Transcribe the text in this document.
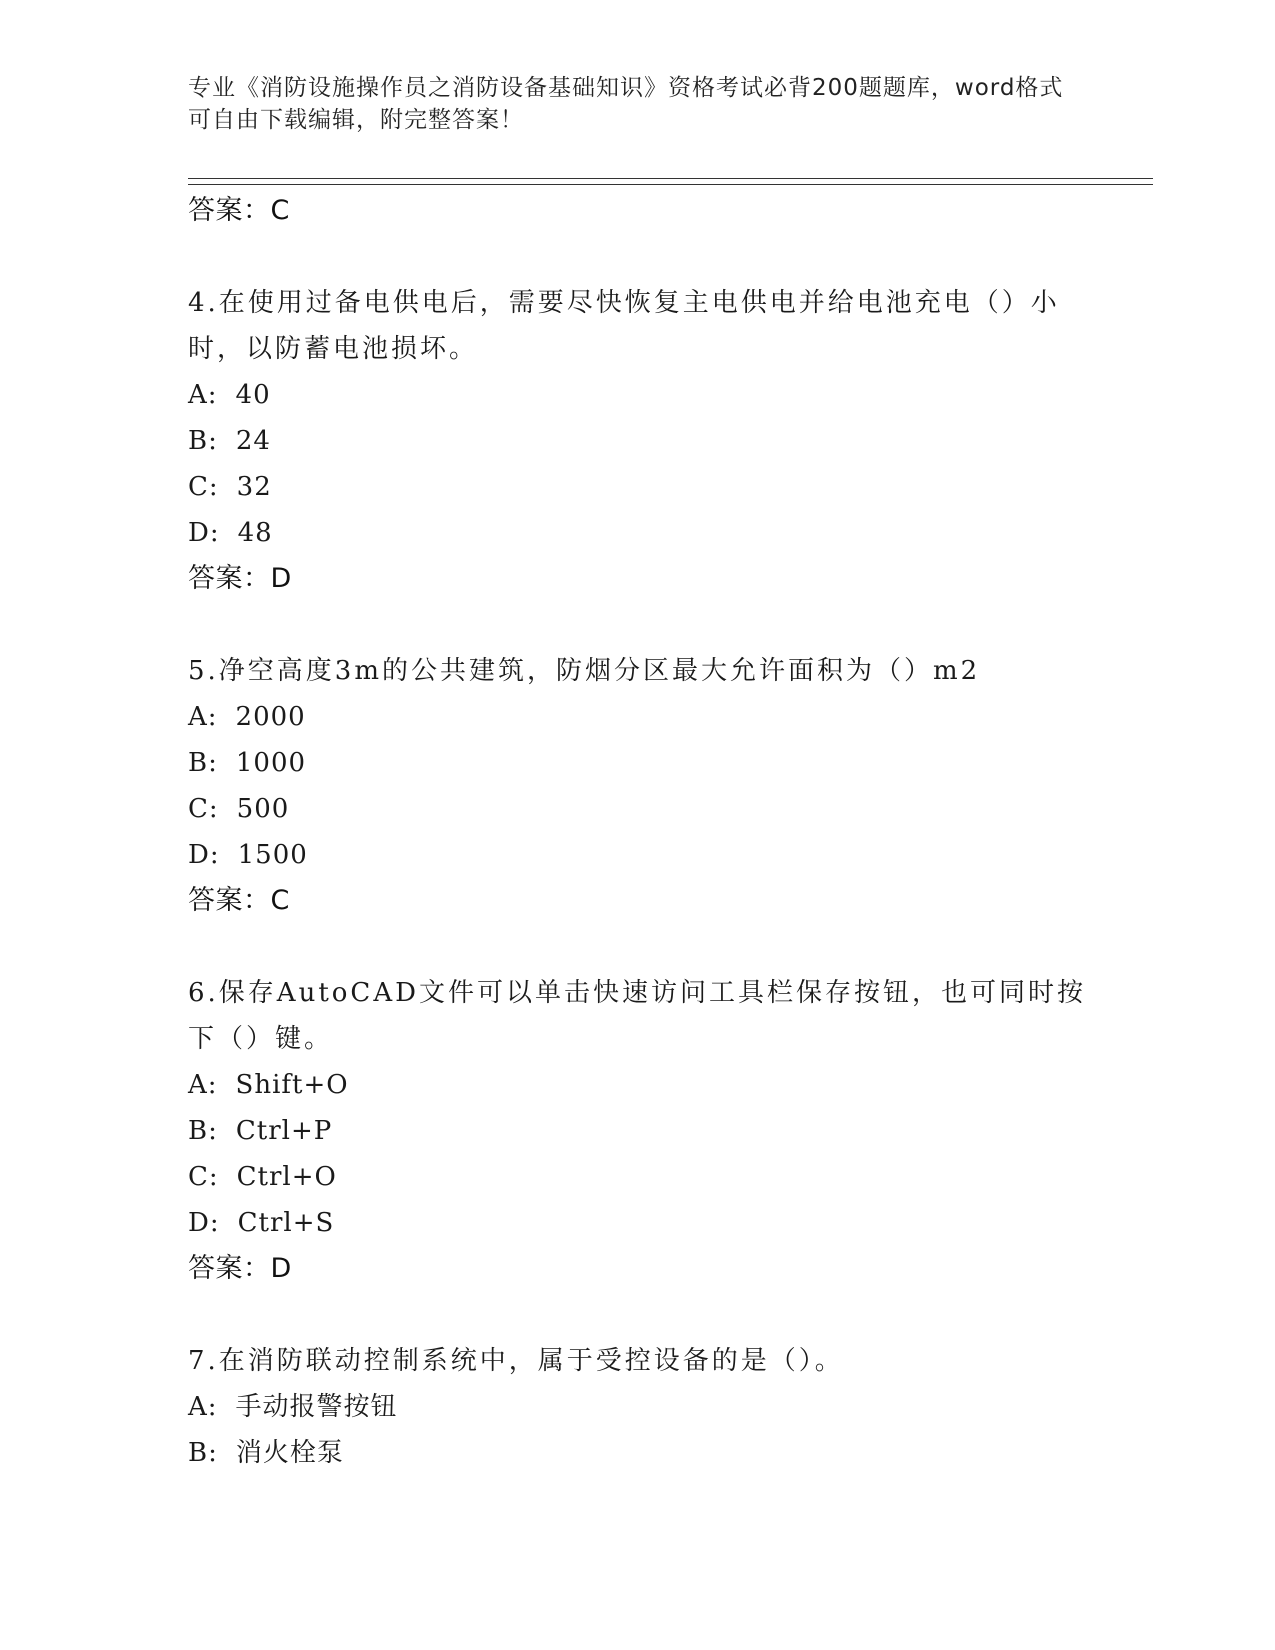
专业《消防设施操作员之消防设备基础知识》资格考试必背200题题库，word格式可自由下载编辑，附完整答案！
答案：C

4.在使用过备电供电后，需要尽快恢复主电供电并给电池充电（）小时，以防蓄电池损坏。

A: 40
B: 24
C: 32
D: 48
答案：D

5.净空高度3m的公共建筑，防烟分区最大允许面积为（）m2

A: 2000
B: 1000
C: 500
D: 1500
答案：C

6.保存AutoCAD文件可以单击快速访问工具栏保存按钮，也可同时按下（）键。

A: Shift+O
B: Ctrl+P
C: Ctrl+O
D: Ctrl+S
答案：D

7.在消防联动控制系统中，属于受控设备的是（）。

A: 手动报警按钮
B: 消火栓泵
